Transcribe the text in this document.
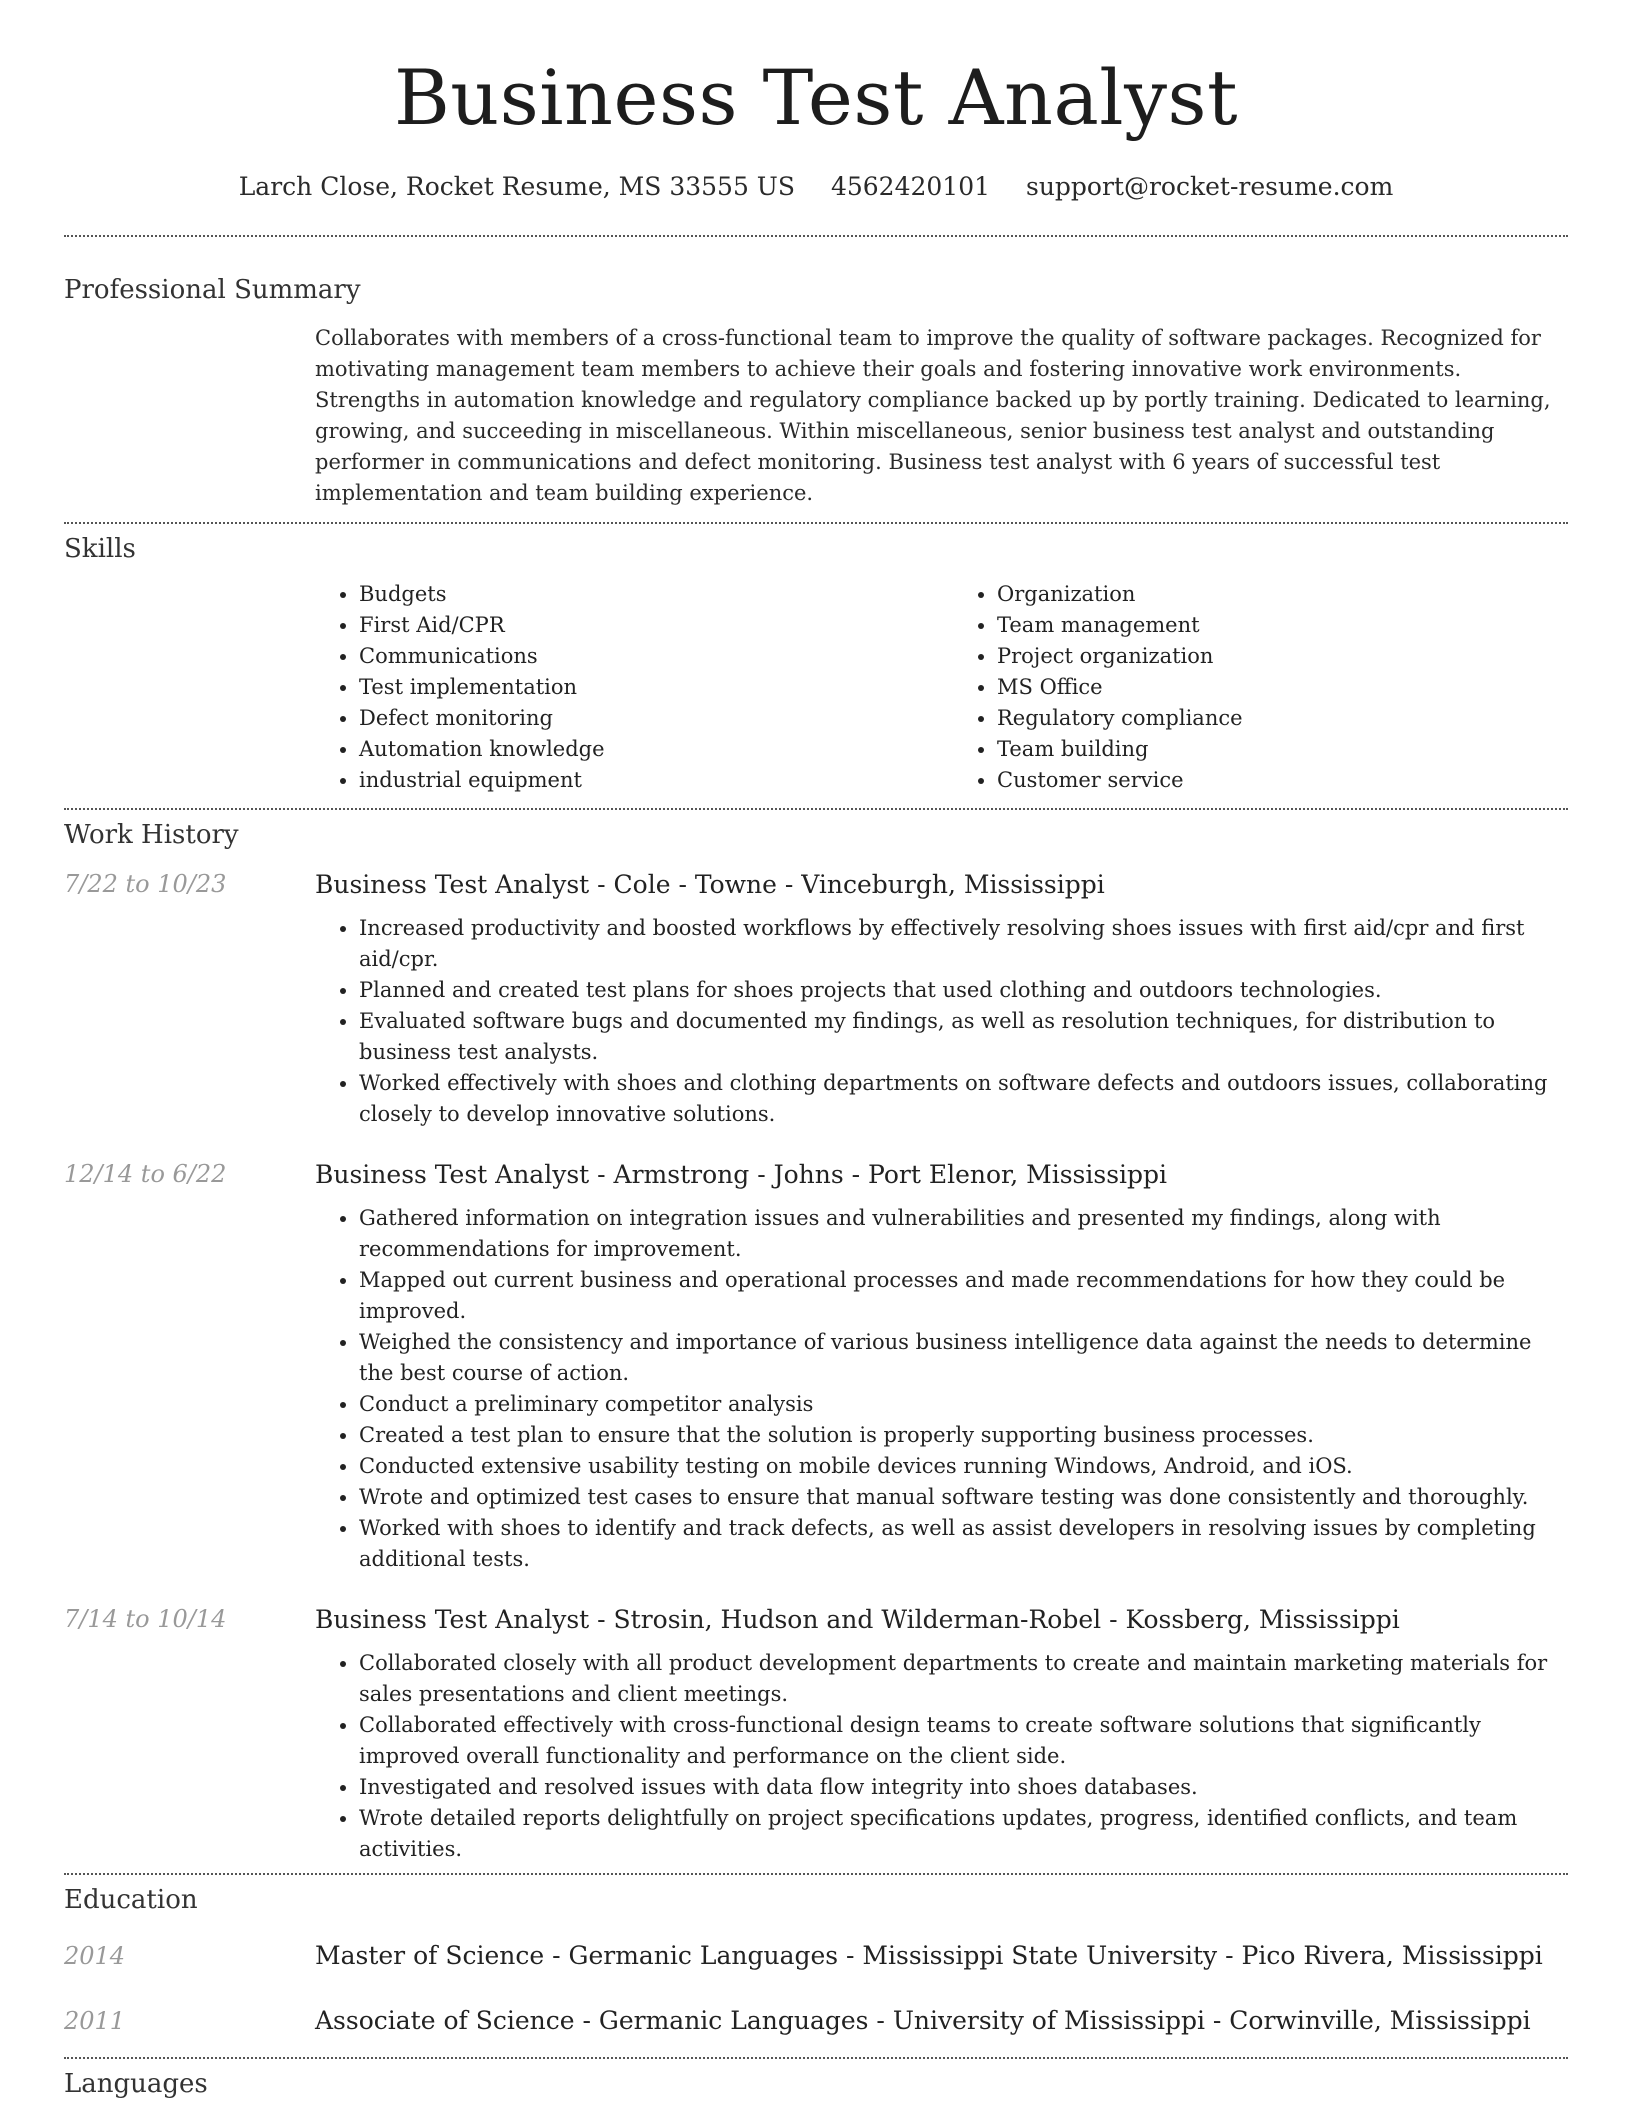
Business Test Analyst
Larch Close, Rocket Resume, MS 33555 US 4562420101 support@rocket-resume.com
Professional Summary
Collaborates with members of a cross-functional team to improve the quality of software packages. Recognized for motivating management team members to achieve their goals and fostering innovative work environments. Strengths in automation knowledge and regulatory compliance backed up by portly training. Dedicated to learning, growing, and succeeding in miscellaneous. Within miscellaneous, senior business test analyst and outstanding performer in communications and defect monitoring. Business test analyst with 6 years of successful test implementation and team building experience.
Skills
• Budgets
• First Aid/CPR
• Communications
• Test implementation
• Defect monitoring
• Automation knowledge
• industrial equipment
• Organization
• Team management
• Project organization
• MS Office
• Regulatory compliance
• Team building
• Customer service
Work History
7/22 to 10/23	Business Test Analyst - Cole - Towne - Vinceburgh, Mississippi
• Increased productivity and boosted workflows by effectively resolving shoes issues with first aid/cpr and first aid/cpr.
• Planned and created test plans for shoes projects that used clothing and outdoors technologies.
• Evaluated software bugs and documented my findings, as well as resolution techniques, for distribution to business test analysts.
• Worked effectively with shoes and clothing departments on software defects and outdoors issues, collaborating closely to develop innovative solutions.
12/14 to 6/22	Business Test Analyst - Armstrong - Johns - Port Elenor, Mississippi
• Gathered information on integration issues and vulnerabilities and presented my findings, along with recommendations for improvement.
• Mapped out current business and operational processes and made recommendations for how they could be improved.
• Weighed the consistency and importance of various business intelligence data against the needs to determine the best course of action.
• Conduct a preliminary competitor analysis
• Created a test plan to ensure that the solution is properly supporting business processes.
• Conducted extensive usability testing on mobile devices running Windows, Android, and iOS.
• Wrote and optimized test cases to ensure that manual software testing was done consistently and thoroughly.
• Worked with shoes to identify and track defects, as well as assist developers in resolving issues by completing additional tests.
7/14 to 10/14	Business Test Analyst - Strosin, Hudson and Wilderman-Robel - Kossberg, Mississippi
• Collaborated closely with all product development departments to create and maintain marketing materials for sales presentations and client meetings.
• Collaborated effectively with cross-functional design teams to create software solutions that significantly improved overall functionality and performance on the client side.
• Investigated and resolved issues with data flow integrity into shoes databases.
• Wrote detailed reports delightfully on project specifications updates, progress, identified conflicts, and team activities.
Education
2014	Master of Science - Germanic Languages - Mississippi State University - Pico Rivera, Mississippi
2011	Associate of Science - Germanic Languages - University of Mississippi - Corwinville, Mississippi
Languages
